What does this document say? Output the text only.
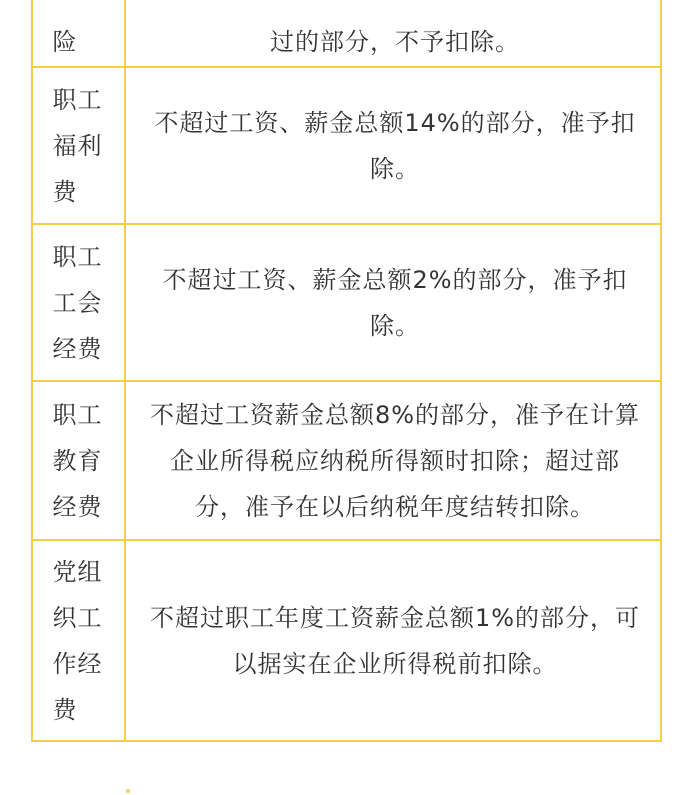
险	过的部分，不予扣除。

职工福利费	不超过工资、薪金总额14%的部分，准予扣除。

职工工会经费	不超过工资、薪金总额2%的部分，准予扣除。

职工教育经费	不超过工资薪金总额8%的部分，准予在计算企业所得税应纳税所得额时扣除；超过部分，准予在以后纳税年度结转扣除。

党组织工作经费	不超过职工年度工资薪金总额1%的部分，可以据实在企业所得税前扣除。
